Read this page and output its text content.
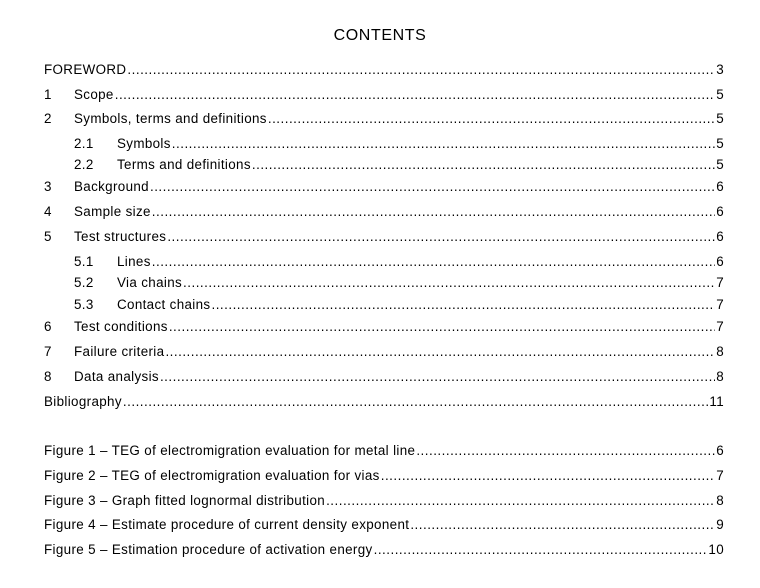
CONTENTS
FOREWORD .....	3
1	Scope .....	5
2	Symbols, terms and definitions .....	5
2.1	Symbols .....	5
2.2	Terms and definitions .....	5
3	Background .....	6
4	Sample size .....	6
5	Test structures .....	6
5.1	Lines .....	6
5.2	Via chains .....	7
5.3	Contact chains .....	7
6	Test conditions .....	7
7	Failure criteria .....	8
8	Data analysis .....	8
Bibliography .....	11
Figure 1 – TEG of electromigration evaluation for metal line .....	6
Figure 2 – TEG of electromigration evaluation for vias .....	7
Figure 3 – Graph fitted lognormal distribution .....	8
Figure 4 – Estimate procedure of current density exponent .....	9
Figure 5 – Estimation procedure of activation energy .....	10
